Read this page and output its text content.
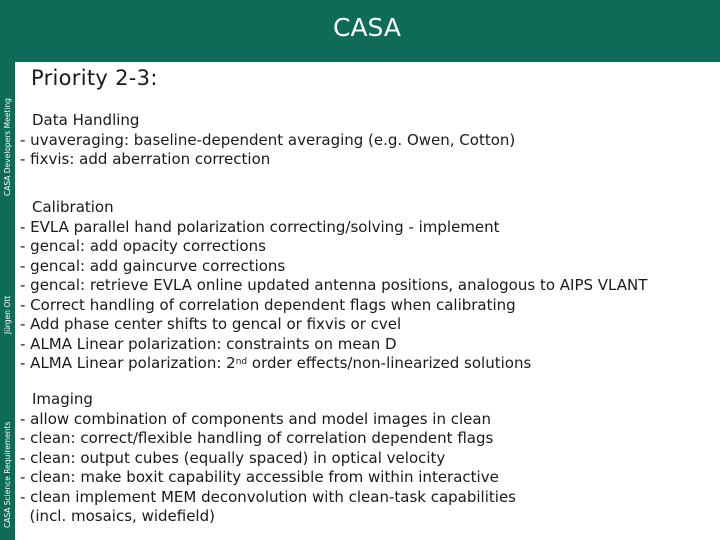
CASA
CASA Developers Meeting
Jürgen Ott
CASA Science Requirements
Priority 2-3:
Data Handling
- uvaveraging: baseline-dependent averaging (e.g. Owen, Cotton)
- fixvis: add aberration correction
Calibration
- EVLA parallel hand polarization correcting/solving - implement
- gencal: add opacity corrections
- gencal: add gaincurve corrections
- gencal: retrieve EVLA online updated antenna positions, analogous to AIPS VLANT
- Correct handling of correlation dependent flags when calibrating
- Add phase center shifts to gencal or fixvis or cvel
- ALMA Linear polarization: constraints on mean D
- ALMA Linear polarization: 2nd order effects/non-linearized solutions
Imaging
- allow combination of components and model images in clean
- clean: correct/flexible handling of correlation dependent flags
- clean: output cubes (equally spaced) in optical velocity
- clean: make boxit capability accessible from within interactive
- clean implement MEM deconvolution with clean-task capabilities
(incl. mosaics, widefield)
